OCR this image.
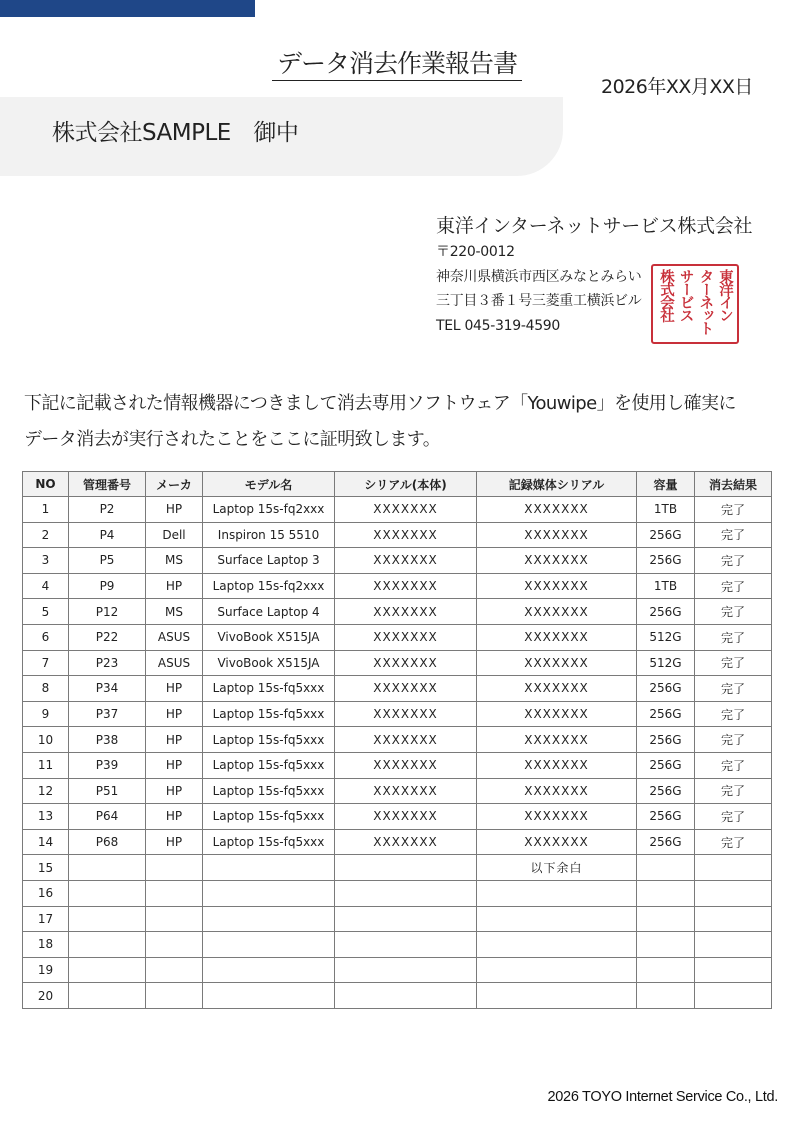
データ消去作業報告書
2026年XX月XX日
株式会社SAMPLE　御中
東洋インターネットサービス株式会社
〒220-0012
神奈川県横浜市西区みなとみらい
三丁目３番１号三菱重工横浜ビル
TEL 045-319-4590
東洋イン
ターネット
サービス
株式会社
下記に記載された情報機器につきまして消去専用ソフトウェア「Youwipe」を使用し確実に
データ消去が実行されたことをここに証明致します。
NO	管理番号	メーカ	モデル名	シリアル(本体)	記録媒体シリアル	容量	消去結果
1	P2	HP	Laptop 15s-fq2xxx	XXXXXXX	XXXXXXX	1TB	完了
2	P4	Dell	Inspiron 15 5510	XXXXXXX	XXXXXXX	256G	完了
3	P5	MS	Surface Laptop 3	XXXXXXX	XXXXXXX	256G	完了
4	P9	HP	Laptop 15s-fq2xxx	XXXXXXX	XXXXXXX	1TB	完了
5	P12	MS	Surface Laptop 4	XXXXXXX	XXXXXXX	256G	完了
6	P22	ASUS	VivoBook X515JA	XXXXXXX	XXXXXXX	512G	完了
7	P23	ASUS	VivoBook X515JA	XXXXXXX	XXXXXXX	512G	完了
8	P34	HP	Laptop 15s-fq5xxx	XXXXXXX	XXXXXXX	256G	完了
9	P37	HP	Laptop 15s-fq5xxx	XXXXXXX	XXXXXXX	256G	完了
10	P38	HP	Laptop 15s-fq5xxx	XXXXXXX	XXXXXXX	256G	完了
11	P39	HP	Laptop 15s-fq5xxx	XXXXXXX	XXXXXXX	256G	完了
12	P51	HP	Laptop 15s-fq5xxx	XXXXXXX	XXXXXXX	256G	完了
13	P64	HP	Laptop 15s-fq5xxx	XXXXXXX	XXXXXXX	256G	完了
14	P68	HP	Laptop 15s-fq5xxx	XXXXXXX	XXXXXXX	256G	完了
15					以下余白		
16							
17							
18							
19							
20							
2026 TOYO Internet Service Co., Ltd.
